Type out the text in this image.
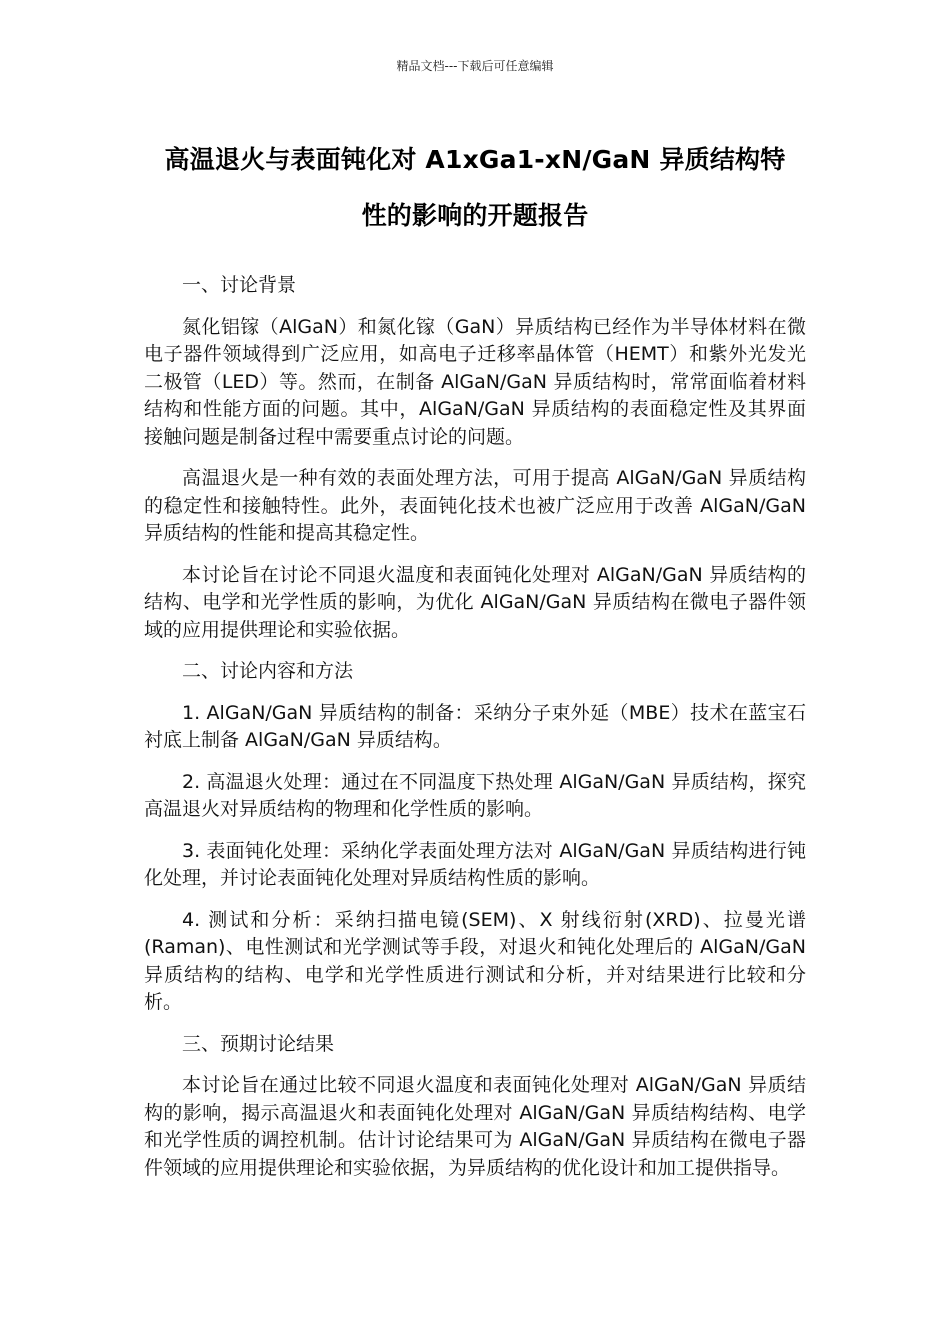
精品文档---下载后可任意编辑
高温退火与表面钝化对 A1xGa1-xN/GaN 异质结构特
性的影响的开题报告

一、讨论背景

氮化铝镓（AlGaN）和氮化镓（GaN）异质结构已经作为半导体材料在微电子器件领域得到广泛应用，如高电子迁移率晶体管（HEMT）和紫外光发光二极管（LED）等。然而，在制备 AlGaN/GaN 异质结构时，常常面临着材料结构和性能方面的问题。其中，AlGaN/GaN 异质结构的表面稳定性及其界面接触问题是制备过程中需要重点讨论的问题。

高温退火是一种有效的表面处理方法，可用于提高 AlGaN/GaN 异质结构的稳定性和接触特性。此外，表面钝化技术也被广泛应用于改善 AlGaN/GaN 异质结构的性能和提高其稳定性。

本讨论旨在讨论不同退火温度和表面钝化处理对 AlGaN/GaN 异质结构的结构、电学和光学性质的影响，为优化 AlGaN/GaN 异质结构在微电子器件领域的应用提供理论和实验依据。

二、讨论内容和方法

1. AlGaN/GaN 异质结构的制备：采纳分子束外延（MBE）技术在蓝宝石衬底上制备 AlGaN/GaN 异质结构。

2. 高温退火处理：通过在不同温度下热处理 AlGaN/GaN 异质结构，探究高温退火对异质结构的物理和化学性质的影响。

3. 表面钝化处理：采纳化学表面处理方法对 AlGaN/GaN 异质结构进行钝化处理，并讨论表面钝化处理对异质结构性质的影响。

4. 测试和分析：采纳扫描电镜(SEM)、X 射线衍射(XRD)、拉曼光谱(Raman)、电性测试和光学测试等手段，对退火和钝化处理后的 AlGaN/GaN 异质结构的结构、电学和光学性质进行测试和分析，并对结果进行比较和分析。

三、预期讨论结果

本讨论旨在通过比较不同退火温度和表面钝化处理对 AlGaN/GaN 异质结构的影响，揭示高温退火和表面钝化处理对 AlGaN/GaN 异质结构结构、电学和光学性质的调控机制。估计讨论结果可为 AlGaN/GaN 异质结构在微电子器件领域的应用提供理论和实验依据，为异质结构的优化设计和加工提供指导。
